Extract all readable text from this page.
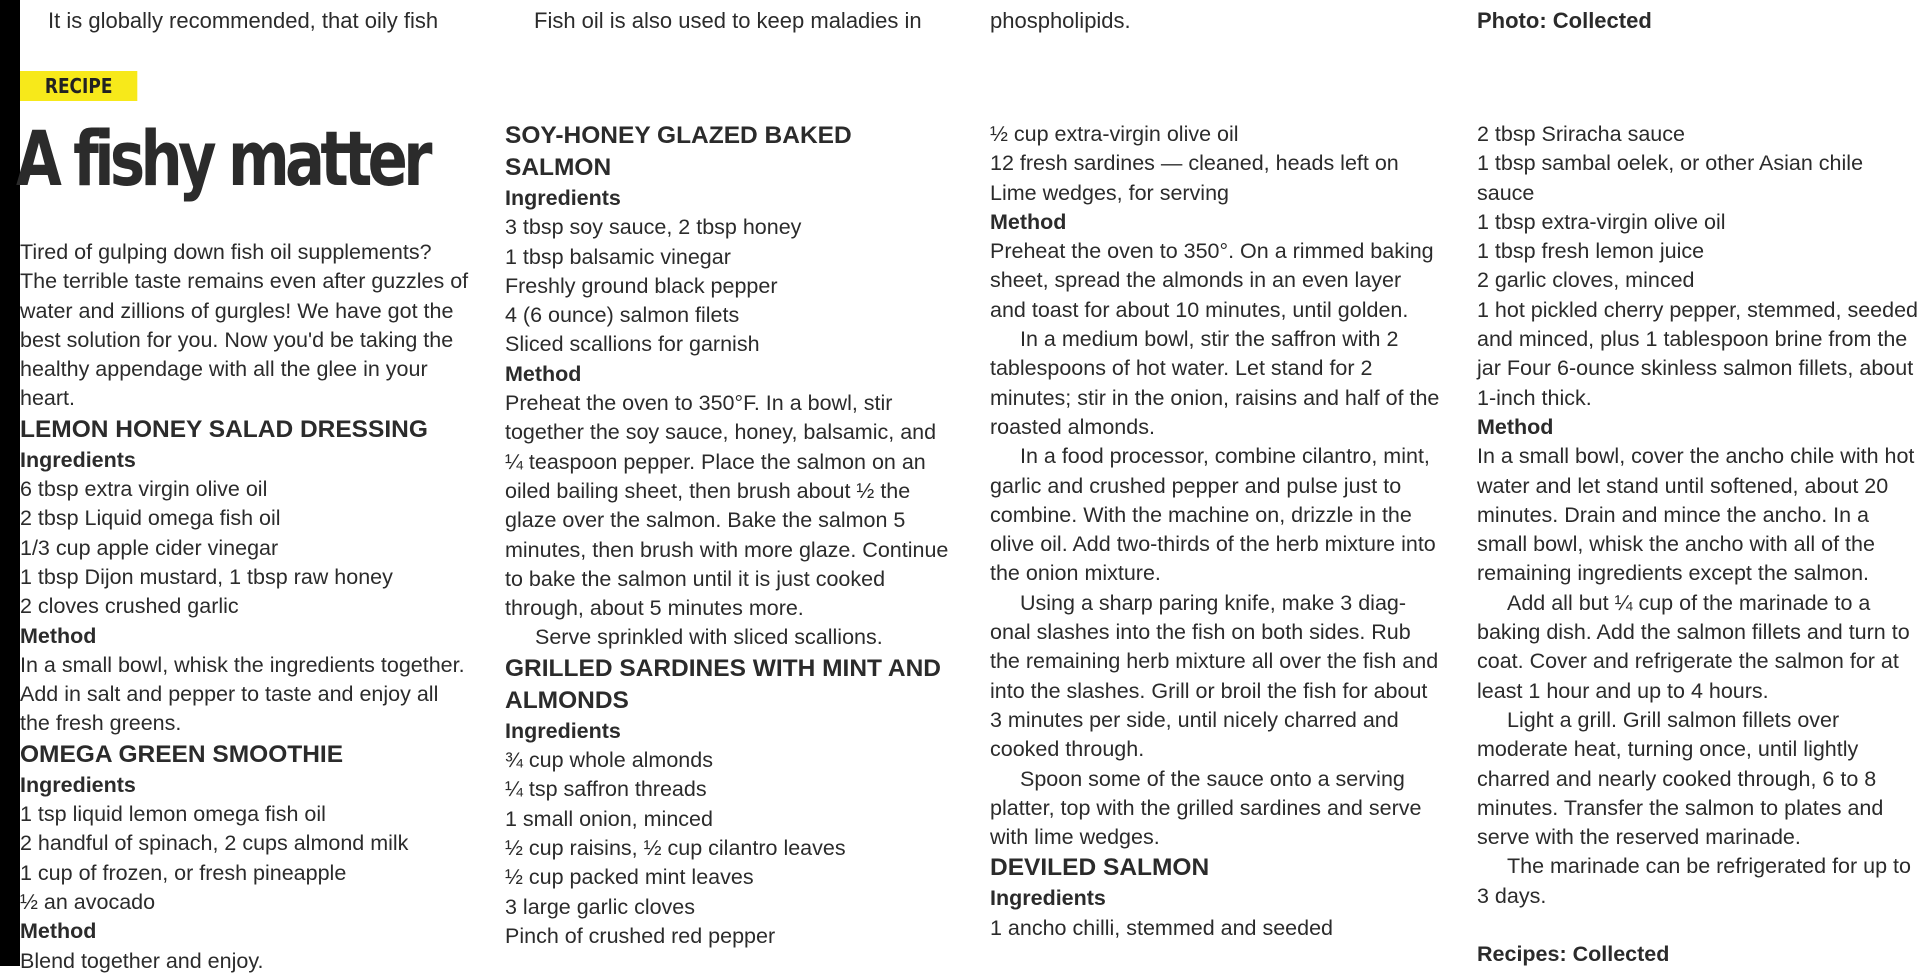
It is globally recommended, that oily fish	Fish oil is also used to keep maladies in	phospholipids.	Photo: Collected
RECIPE
A fishy matter

Tired of gulping down fish oil supplements? The terrible taste remains even after guzzles of water and zillions of gurgles! We have got the best solution for you. Now you'd be taking the healthy appendage with all the glee in your heart.

LEMON HONEY SALAD DRESSING
Ingredients
6 tbsp extra virgin olive oil
2 tbsp Liquid omega fish oil
1/3 cup apple cider vinegar
1 tbsp Dijon mustard, 1 tbsp raw honey
2 cloves crushed garlic
Method

In a small bowl, whisk the ingredients together. Add in salt and pepper to taste and enjoy all the fresh greens.

OMEGA GREEN SMOOTHIE
Ingredients
1 tsp liquid lemon omega fish oil
2 handful of spinach, 2 cups almond milk
1 cup of frozen, or fresh pineapple
½ an avocado
Method

Blend together and enjoy.

SOY-HONEY GLAZED BAKED SALMON
Ingredients
3 tbsp soy sauce, 2 tbsp honey
1 tbsp balsamic vinegar
Freshly ground black pepper
4 (6 ounce) salmon filets
Sliced scallions for garnish
Method

Preheat the oven to 350°F. In a bowl, stir together the soy sauce, honey, balsamic, and ¼ teaspoon pepper. Place the salmon on an oiled bailing sheet, then brush about ½ the glaze over the salmon. Bake the salmon 5 minutes, then brush with more glaze. Continue to bake the salmon until it is just cooked through, about 5 minutes more.

Serve sprinkled with sliced scallions.

GRILLED SARDINES WITH MINT AND ALMONDS
Ingredients
¾ cup whole almonds
¼ tsp saffron threads
1 small onion, minced
½ cup raisins, ½ cup cilantro leaves
½ cup packed mint leaves
3 large garlic cloves
Pinch of crushed red pepper
½ cup extra-virgin olive oil
12 fresh sardines — cleaned, heads left on
Lime wedges, for serving
Method

Preheat the oven to 350°. On a rimmed baking sheet, spread the almonds in an even layer and toast for about 10 minutes, until golden.

In a medium bowl, stir the saffron with 2 tablespoons of hot water. Let stand for 2 minutes; stir in the onion, raisins and half of the roasted almonds.

In a food processor, combine cilantro, mint, garlic and crushed pepper and pulse just to combine. With the machine on, drizzle in the olive oil. Add two-thirds of the herb mixture into the onion mixture.

Using a sharp paring knife, make 3 diag-onal slashes into the fish on both sides. Rub the remaining herb mixture all over the fish and into the slashes. Grill or broil the fish for about 3 minutes per side, until nicely charred and cooked through.

Spoon some of the sauce onto a serving platter, top with the grilled sardines and serve with lime wedges.

DEVILED SALMON
Ingredients
1 ancho chilli, stemmed and seeded
2 tbsp Sriracha sauce
1 tbsp sambal oelek, or other Asian chile sauce
1 tbsp extra-virgin olive oil
1 tbsp fresh lemon juice
2 garlic cloves, minced
1 hot pickled cherry pepper, stemmed, seeded and minced, plus 1 tablespoon brine from the jar Four 6-ounce skinless salmon fillets, about 1-inch thick.
Method

In a small bowl, cover the ancho chile with hot water and let stand until softened, about 20 minutes. Drain and mince the ancho. In a small bowl, whisk the ancho with all of the remaining ingredients except the salmon.

Add all but ¼ cup of the marinade to a baking dish. Add the salmon fillets and turn to coat. Cover and refrigerate the salmon for at least 1 hour and up to 4 hours.

Light a grill. Grill salmon fillets over moderate heat, turning once, until lightly charred and nearly cooked through, 6 to 8 minutes. Transfer the salmon to plates and serve with the reserved marinade.

The marinade can be refrigerated for up to 3 days.

Recipes: Collected
